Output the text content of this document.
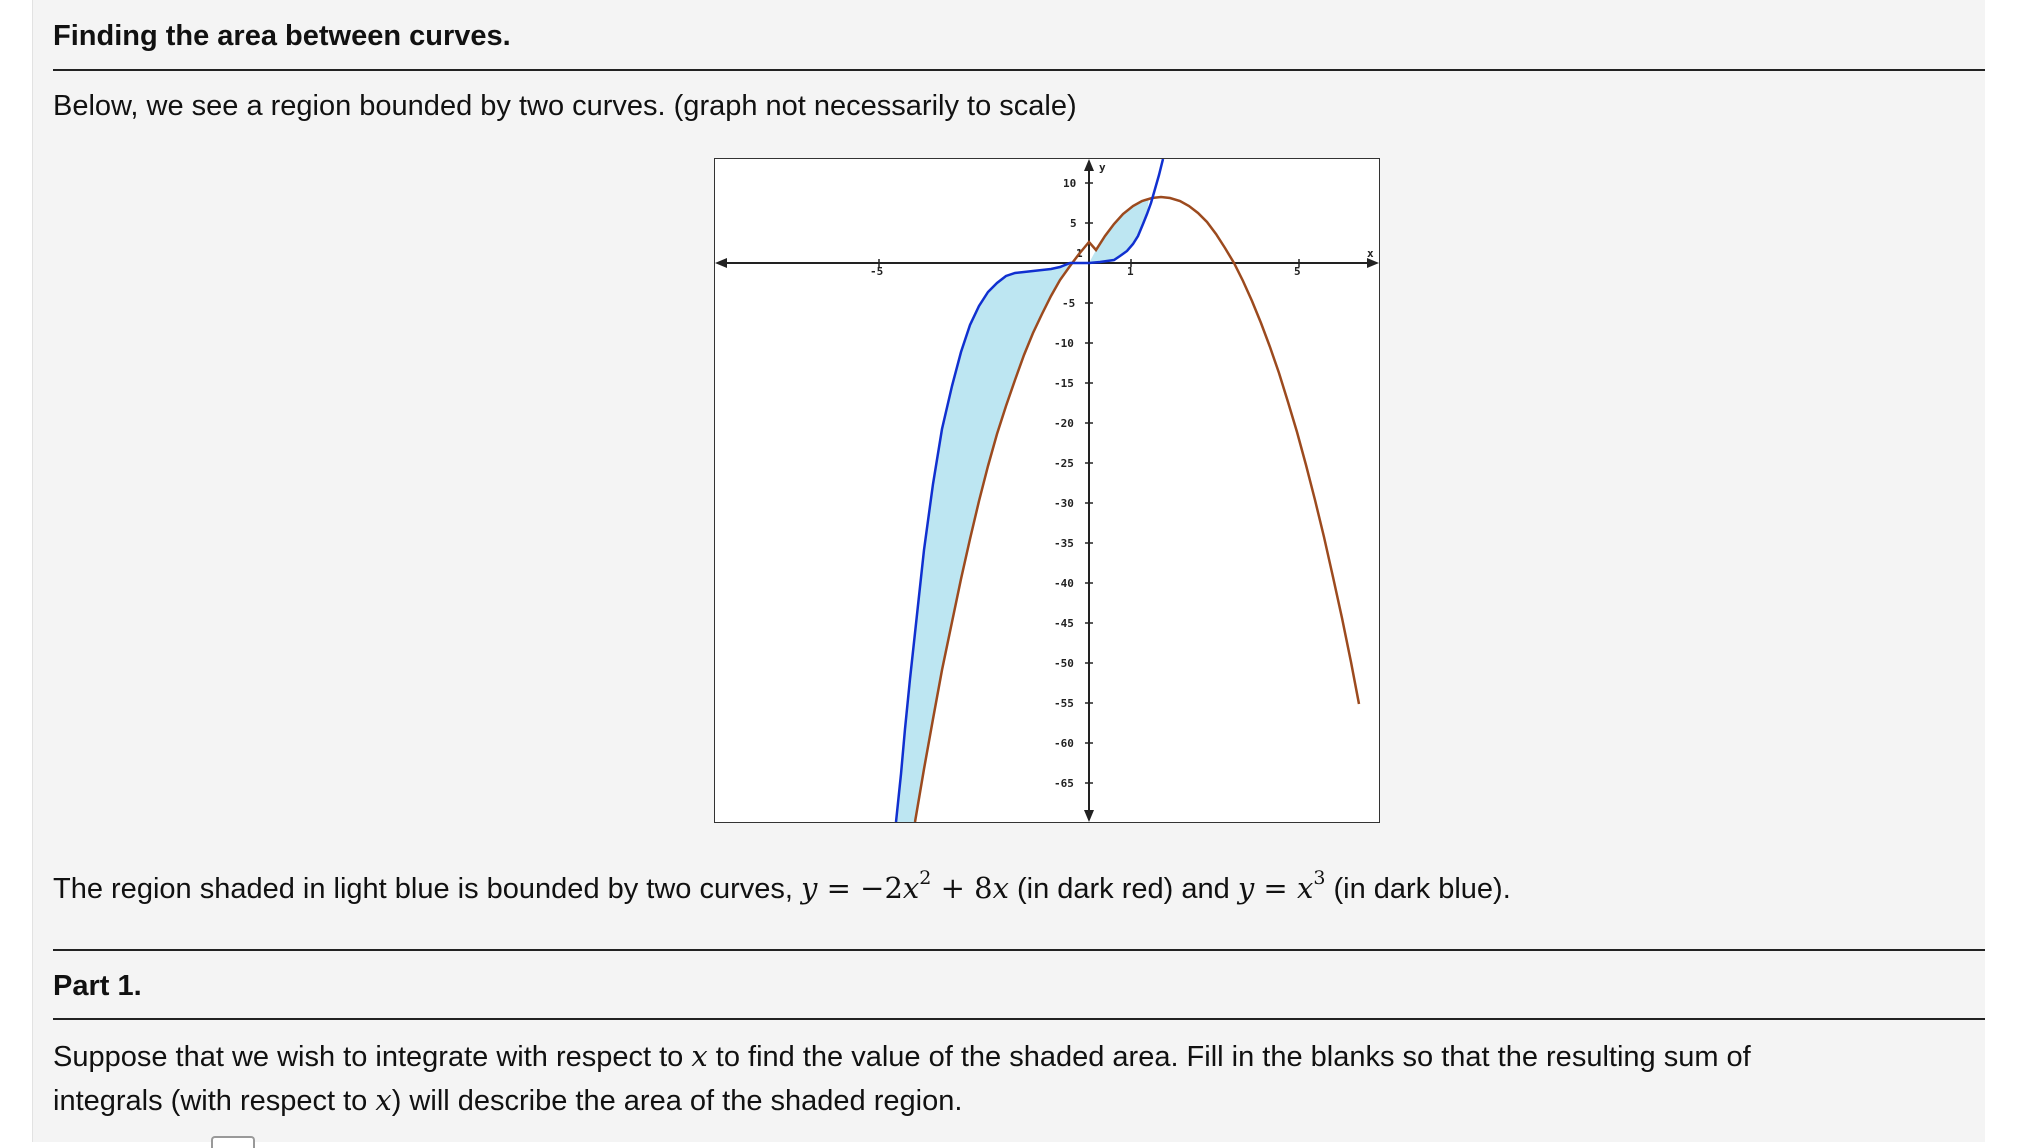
Finding the area between curves.
Below, we see a region bounded by two curves. (graph not necessarily to scale)
-5	1	5
x
y
10
5
1
-5
-10
-15
-20
-25
-30
-35
-40
-45
-50
-55
-60
-65
The region shaded in light blue is bounded by two curves, $y = -2x^2 + 8x$ (in dark red) and $y = x^3$ (in dark blue).
Part 1.
Suppose that we wish to integrate with respect to x to find the value of the shaded area. Fill in the blanks so that the resulting sum of
integrals (with respect to x) will describe the area of the shaded region.
